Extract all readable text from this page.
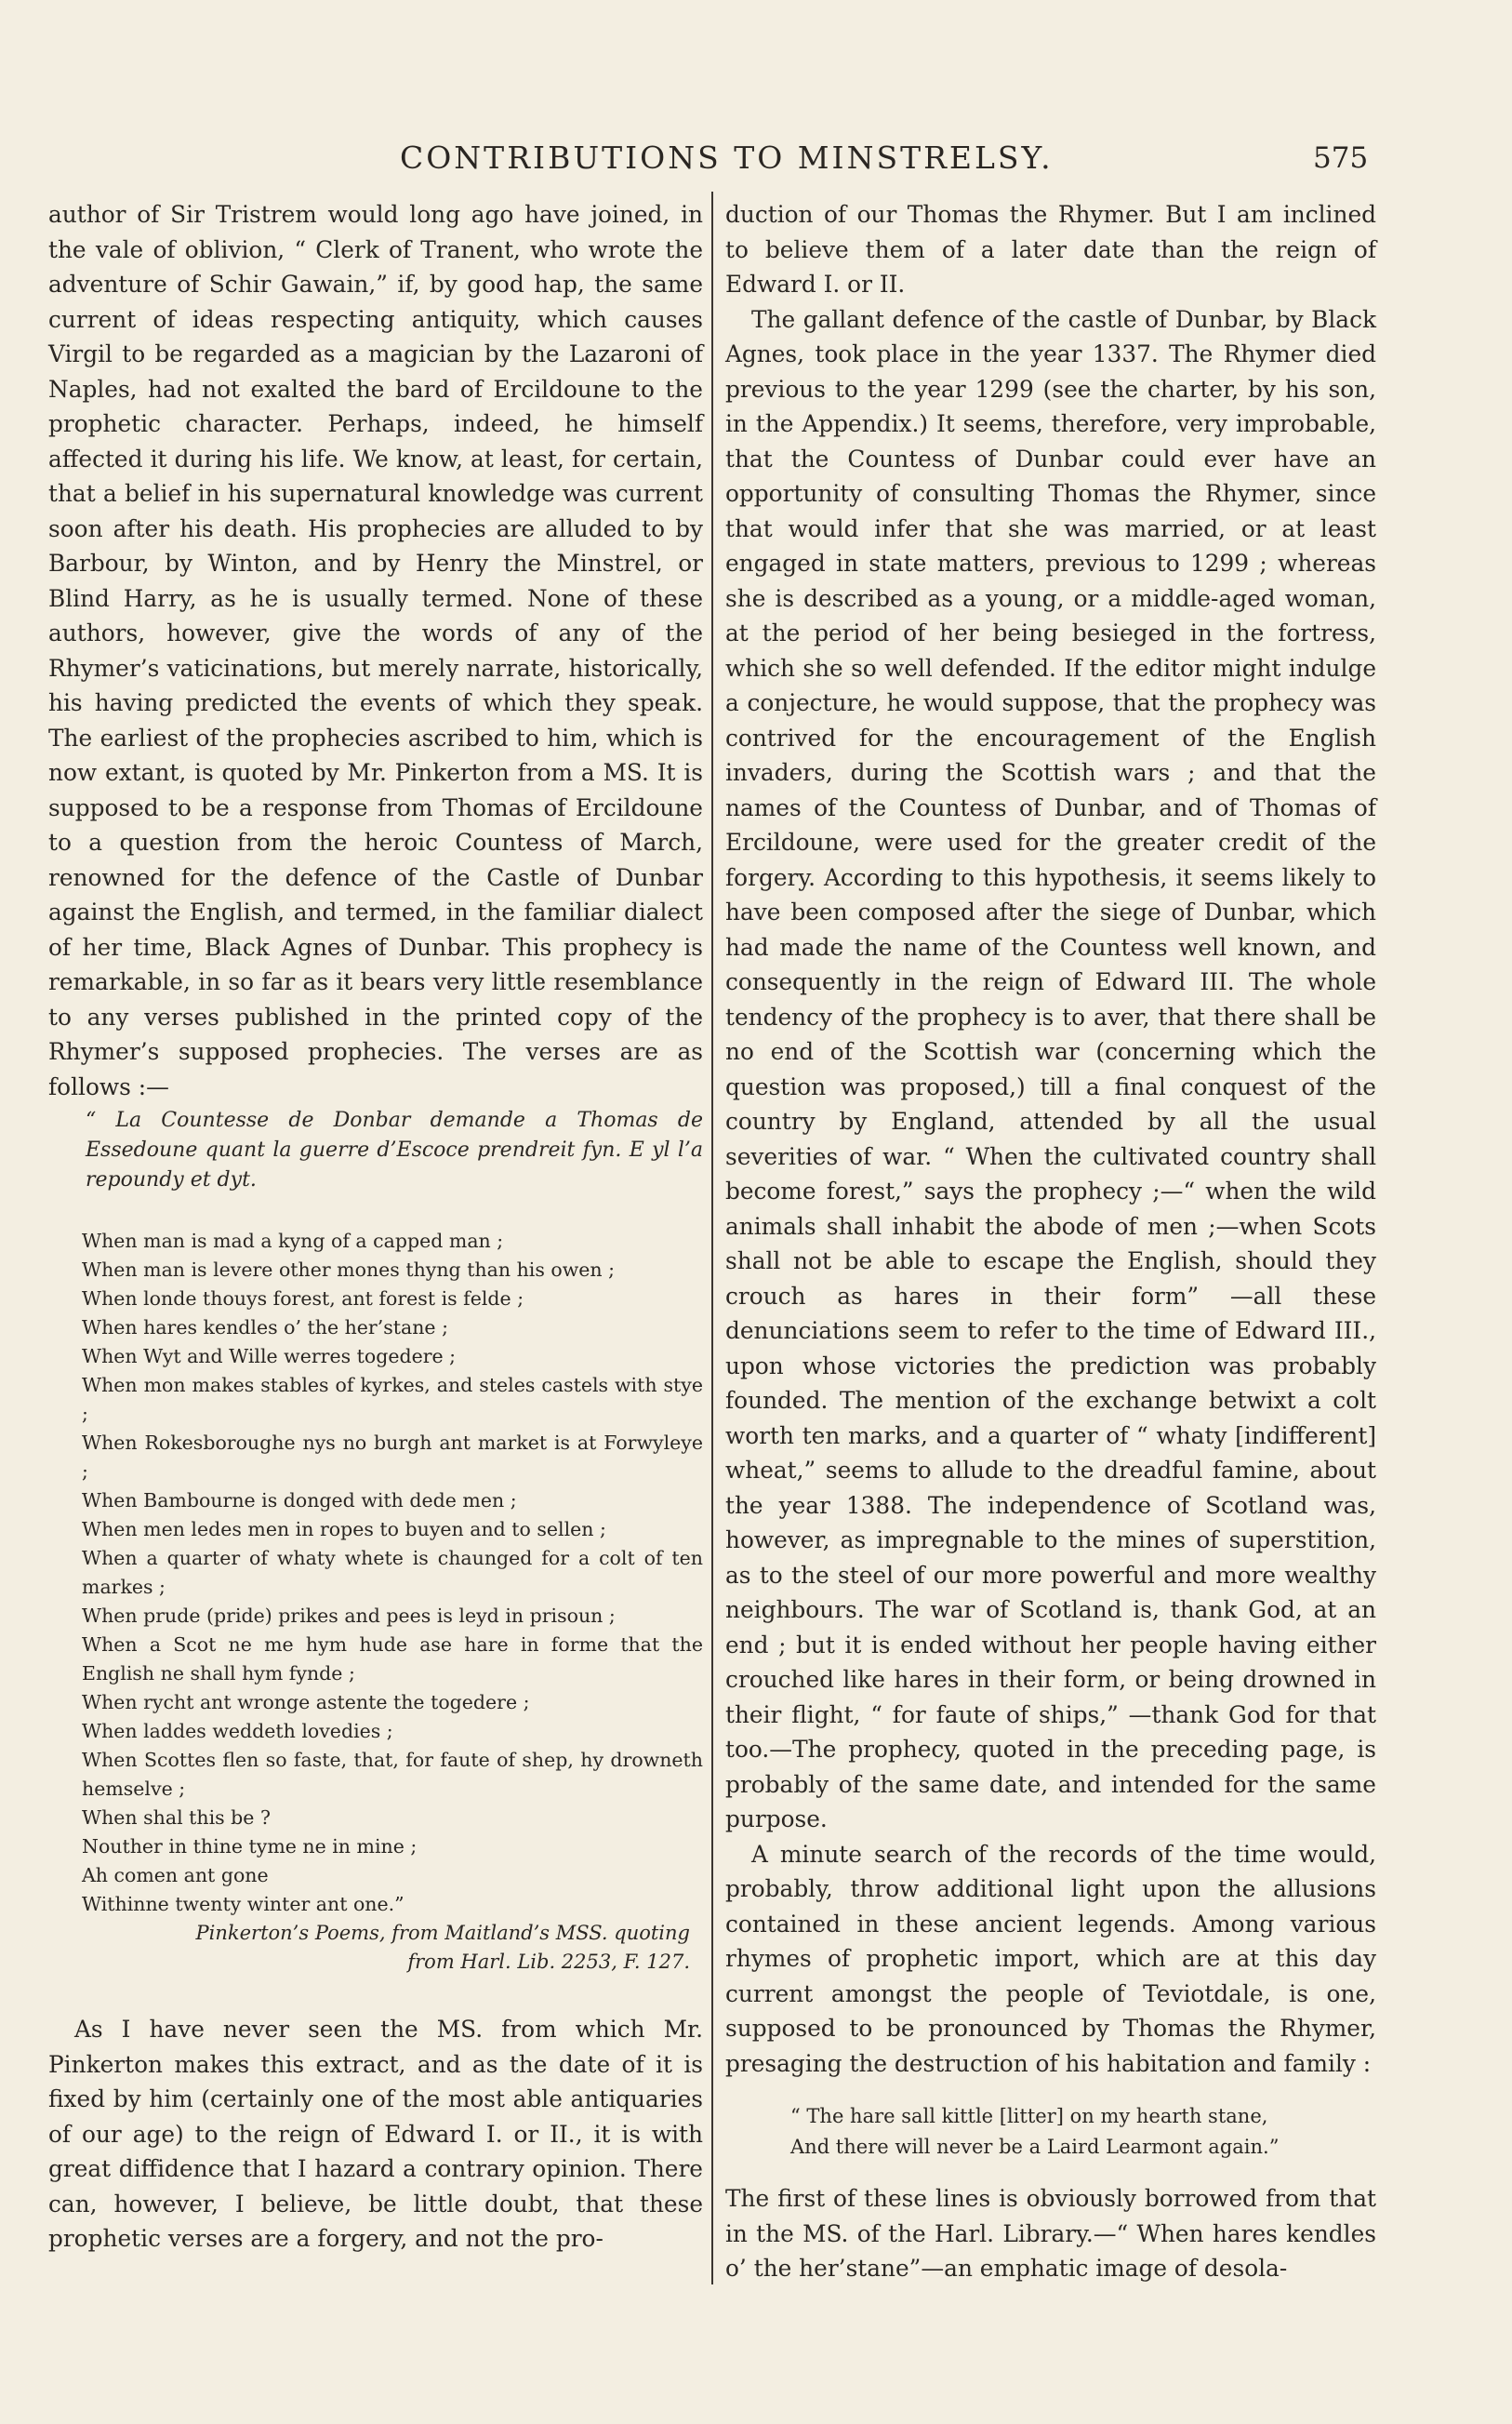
CONTRIBUTIONS TO MINSTRELSY.	575

author of Sir Tristrem would long ago have joined, in the vale of oblivion, “ Clerk of Tranent, who wrote the adventure of Schir Gawain,” if, by good hap, the same current of ideas respecting antiquity, which causes Virgil to be regarded as a magician by the Lazaroni of Naples, had not exalted the bard of Ercildoune to the prophetic character. Perhaps, indeed, he himself affected it during his life. We know, at least, for certain, that a belief in his supernatural knowledge was current soon after his death. His prophecies are alluded to by Barbour, by Winton, and by Henry the Minstrel, or Blind Harry, as he is usually termed. None of these authors, however, give the words of any of the Rhymer’s vaticinations, but merely narrate, historically, his having predicted the events of which they speak. The earliest of the prophecies ascribed to him, which is now extant, is quoted by Mr. Pinkerton from a MS. It is supposed to be a response from Thomas of Ercildoune to a question from the heroic Countess of March, renowned for the defence of the Castle of Dunbar against the English, and termed, in the familiar dialect of her time, Black Agnes of Dunbar. This prophecy is remarkable, in so far as it bears very little resemblance to any verses published in the printed copy of the Rhymer’s supposed prophecies. The verses are as follows :—

“ La Countesse de Donbar demande a Thomas de Essedoune quant la guerre d’Escoce prendreit fyn. E yl l’a repoundy et dyt.
When man is mad a kyng of a capped man ;
When man is levere other mones thyng than his owen ;
When londe thouys forest, ant forest is felde ;
When hares kendles o’ the her’stane ;
When Wyt and Wille werres togedere ;
When mon makes stables of kyrkes, and steles castels with stye ;
When Rokesboroughe nys no burgh ant market is at Forwyleye ;
When Bambourne is donged with dede men ;
When men ledes men in ropes to buyen and to sellen ;
When a quarter of whaty whete is chaunged for a colt of ten markes ;
When prude (pride) prikes and pees is leyd in prisoun ;
When a Scot ne me hym hude ase hare in forme that the English ne shall hym fynde ;
When rycht ant wronge astente the togedere ;
When laddes weddeth lovedies ;
When Scottes flen so faste, that, for faute of shep, hy drowneth hemselve ;
When shal this be ?
Nouther in thine tyme ne in mine ;
Ah comen ant gone
Withinne twenty winter ant one.”
Pinkerton’s Poems, from Maitland’s MSS. quoting
from Harl. Lib. 2253, F. 127.

As I have never seen the MS. from which Mr. Pinkerton makes this extract, and as the date of it is fixed by him (certainly one of the most able antiquaries of our age) to the reign of Edward I. or II., it is with great diffidence that I hazard a contrary opinion. There can, however, I believe, be little doubt, that these prophetic verses are a forgery, and not the pro-

duction of our Thomas the Rhymer. But I am inclined to believe them of a later date than the reign of Edward I. or II.

The gallant defence of the castle of Dunbar, by Black Agnes, took place in the year 1337. The Rhymer died previous to the year 1299 (see the charter, by his son, in the Appendix.) It seems, therefore, very improbable, that the Countess of Dunbar could ever have an opportunity of consulting Thomas the Rhymer, since that would infer that she was married, or at least engaged in state matters, previous to 1299 ; whereas she is described as a young, or a middle-aged woman, at the period of her being besieged in the fortress, which she so well defended. If the editor might indulge a conjecture, he would suppose, that the prophecy was contrived for the encouragement of the English invaders, during the Scottish wars ; and that the names of the Countess of Dunbar, and of Thomas of Ercildoune, were used for the greater credit of the forgery. According to this hypothesis, it seems likely to have been composed after the siege of Dunbar, which had made the name of the Countess well known, and consequently in the reign of Edward III. The whole tendency of the prophecy is to aver, that there shall be no end of the Scottish war (concerning which the question was proposed,) till a final conquest of the country by England, attended by all the usual severities of war. “ When the cultivated country shall become forest,” says the prophecy ;—“ when the wild animals shall inhabit the abode of men ;—when Scots shall not be able to escape the English, should they crouch as hares in their form” —all these denunciations seem to refer to the time of Edward III., upon whose victories the prediction was probably founded. The mention of the exchange betwixt a colt worth ten marks, and a quarter of “ whaty [indifferent] wheat,” seems to allude to the dreadful famine, about the year 1388. The independence of Scotland was, however, as impregnable to the mines of superstition, as to the steel of our more powerful and more wealthy neighbours. The war of Scotland is, thank God, at an end ; but it is ended without her people having either crouched like hares in their form, or being drowned in their flight, “ for faute of ships,” —thank God for that too.—The prophecy, quoted in the preceding page, is probably of the same date, and intended for the same purpose.

A minute search of the records of the time would, probably, throw additional light upon the allusions contained in these ancient legends. Among various rhymes of prophetic import, which are at this day current amongst the people of Teviotdale, is one, supposed to be pronounced by Thomas the Rhymer, presaging the destruction of his habitation and family :

“ The hare sall kittle [litter] on my hearth stane,
And there will never be a Laird Learmont again.”

The first of these lines is obviously borrowed from that in the MS. of the Harl. Library.—“ When hares kendles o’ the her’stane”—an emphatic image of desola-
